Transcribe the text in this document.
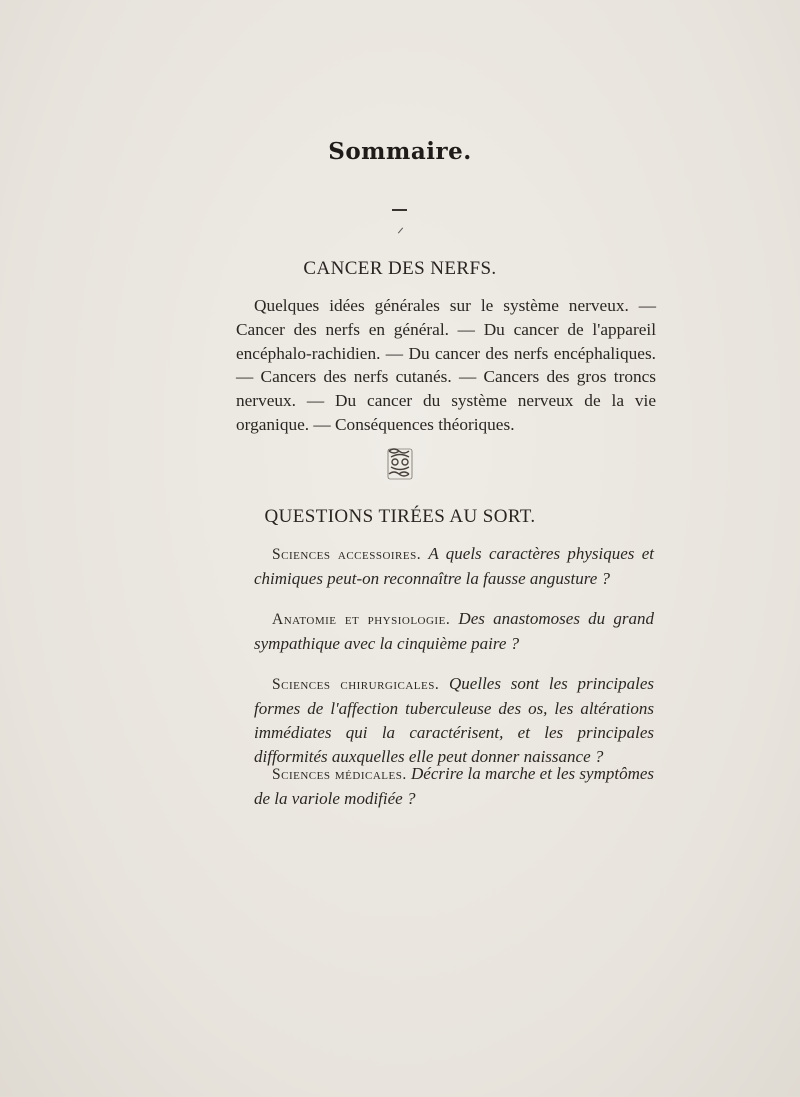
Sommaire.
CANCER DES NERFS.
Quelques idées générales sur le système nerveux. — Cancer des nerfs en général. — Du cancer de l'appareil encéphalo-rachidien. — Du cancer des nerfs encéphaliques. — Cancers des nerfs cutanés. — Cancers des gros troncs nerveux. — Du cancer du système nerveux de la vie organique. — Conséquences théoriques.
QUESTIONS TIRÉES AU SORT.
Sciences accessoires. A quels caractères physiques et chimiques peut-on reconnaître la fausse angusture ?
Anatomie et physiologie. Des anastomoses du grand sympathique avec la cinquième paire ?
Sciences chirurgicales. Quelles sont les principales formes de l'affection tuberculeuse des os, les altérations immédiates qui la caractérisent, et les principales difformités auxquelles elle peut donner naissance ?
Sciences médicales. Décrire la marche et les symptômes de la variole modifiée ?
